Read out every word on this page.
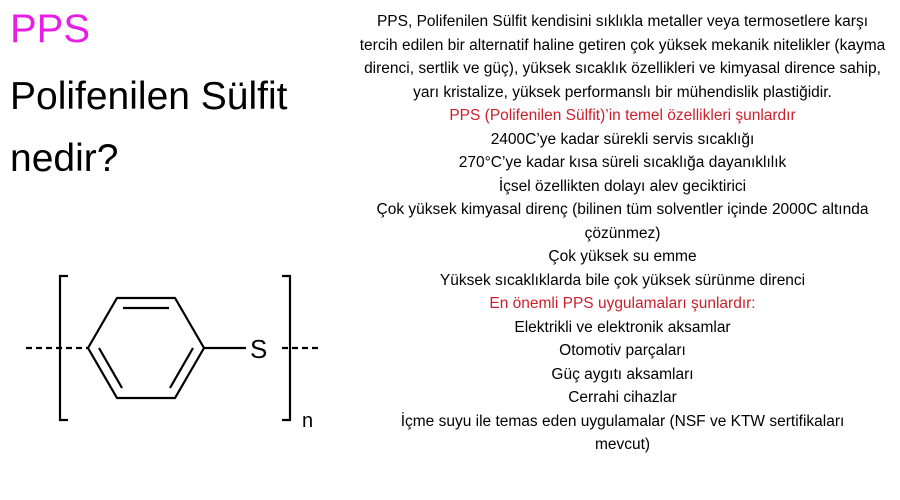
PPS
Polifenilen Sülfit
nedir?
S
n
PPS, Polifenilen Sülfit kendisini sıklıkla metaller veya termosetlere karşı tercih edilen bir alternatif haline getiren çok yüksek mekanik nitelikler (kayma direnci, sertlik ve güç), yüksek sıcaklık özellikleri ve kimyasal dirence sahip, yarı kristalize, yüksek performanslı bir mühendislik plastiğidir.
PPS (Polifenilen Sülfit)’in temel özellikleri şunlardır
2400C’ye kadar sürekli servis sıcaklığı
270°C’ye kadar kısa süreli sıcaklığa dayanıklılık
İçsel özellikten dolayı alev geciktirici
Çok yüksek kimyasal direnç (bilinen tüm solventler içinde 2000C altında çözünmez)
Çok yüksek su emme
Yüksek sıcaklıklarda bile çok yüksek sürünme direnci
En önemli PPS uygulamaları şunlardır:
Elektrikli ve elektronik aksamlar
Otomotiv parçaları
Güç aygıtı aksamları
Cerrahi cihazlar
İçme suyu ile temas eden uygulamalar (NSF ve KTW sertifikaları mevcut)
